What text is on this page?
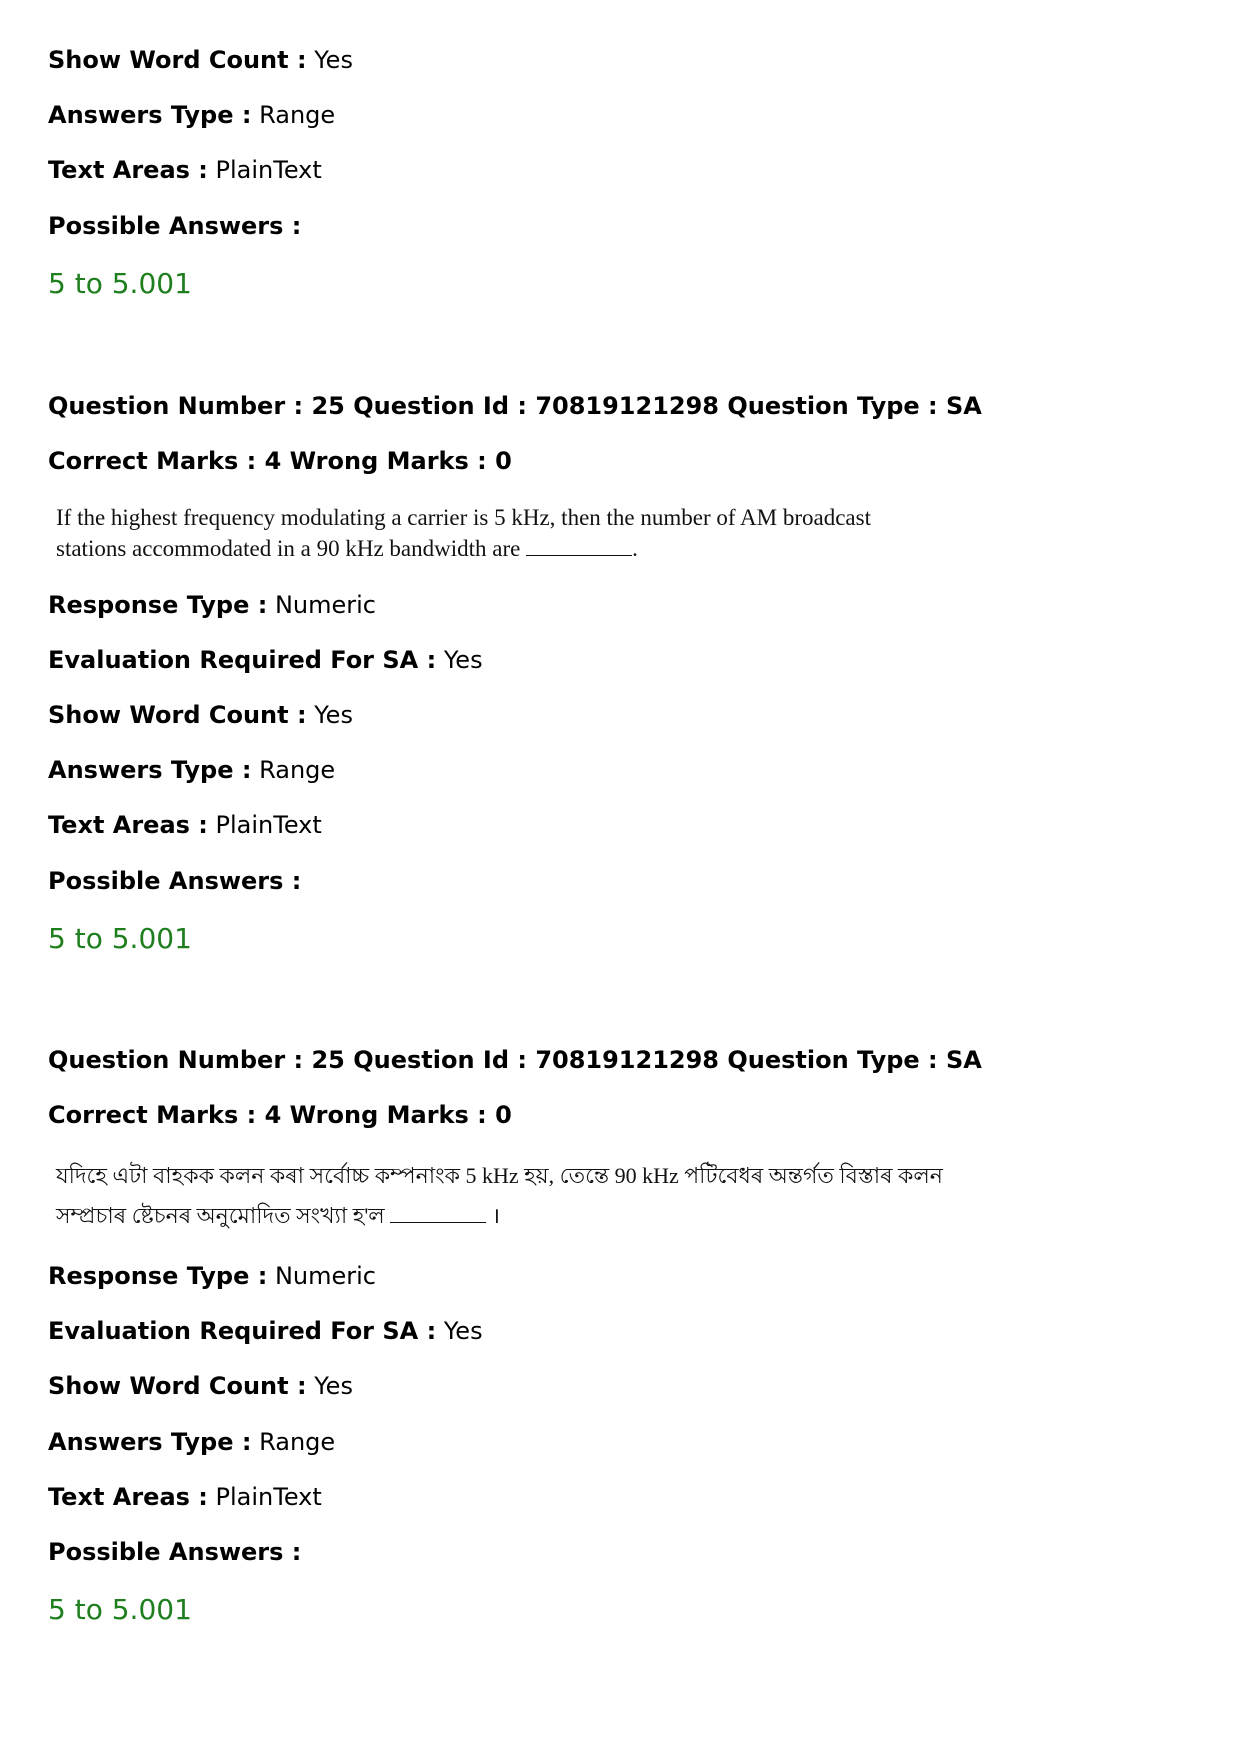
Show Word Count : Yes
Answers Type : Range
Text Areas : PlainText
Possible Answers :
5 to 5.001
Question Number : 25 Question Id : 70819121298 Question Type : SA
Correct Marks : 4 Wrong Marks : 0
If the highest frequency modulating a carrier is 5 kHz, then the number of AM broadcast
stations accommodated in a 90 kHz bandwidth are	.
Response Type : Numeric
Evaluation Required For SA : Yes
Show Word Count : Yes
Answers Type : Range
Text Areas : PlainText
Possible Answers :
5 to 5.001
Question Number : 25 Question Id : 70819121298 Question Type : SA
Correct Marks : 4 Wrong Marks : 0
যদিহে এটা বাহকক কলন কৰা সৰ্বোচ্চ কম্পনাংক 5 kHz হয়, তেন্তে 90 kHz পটিবেধৰ অন্তৰ্গত বিস্তাৰ কলন
সম্প্ৰচাৰ ষ্টেচনৰ অনুমোদিত সংখ্যা হ'ল	।
Response Type : Numeric
Evaluation Required For SA : Yes
Show Word Count : Yes
Answers Type : Range
Text Areas : PlainText
Possible Answers :
5 to 5.001
